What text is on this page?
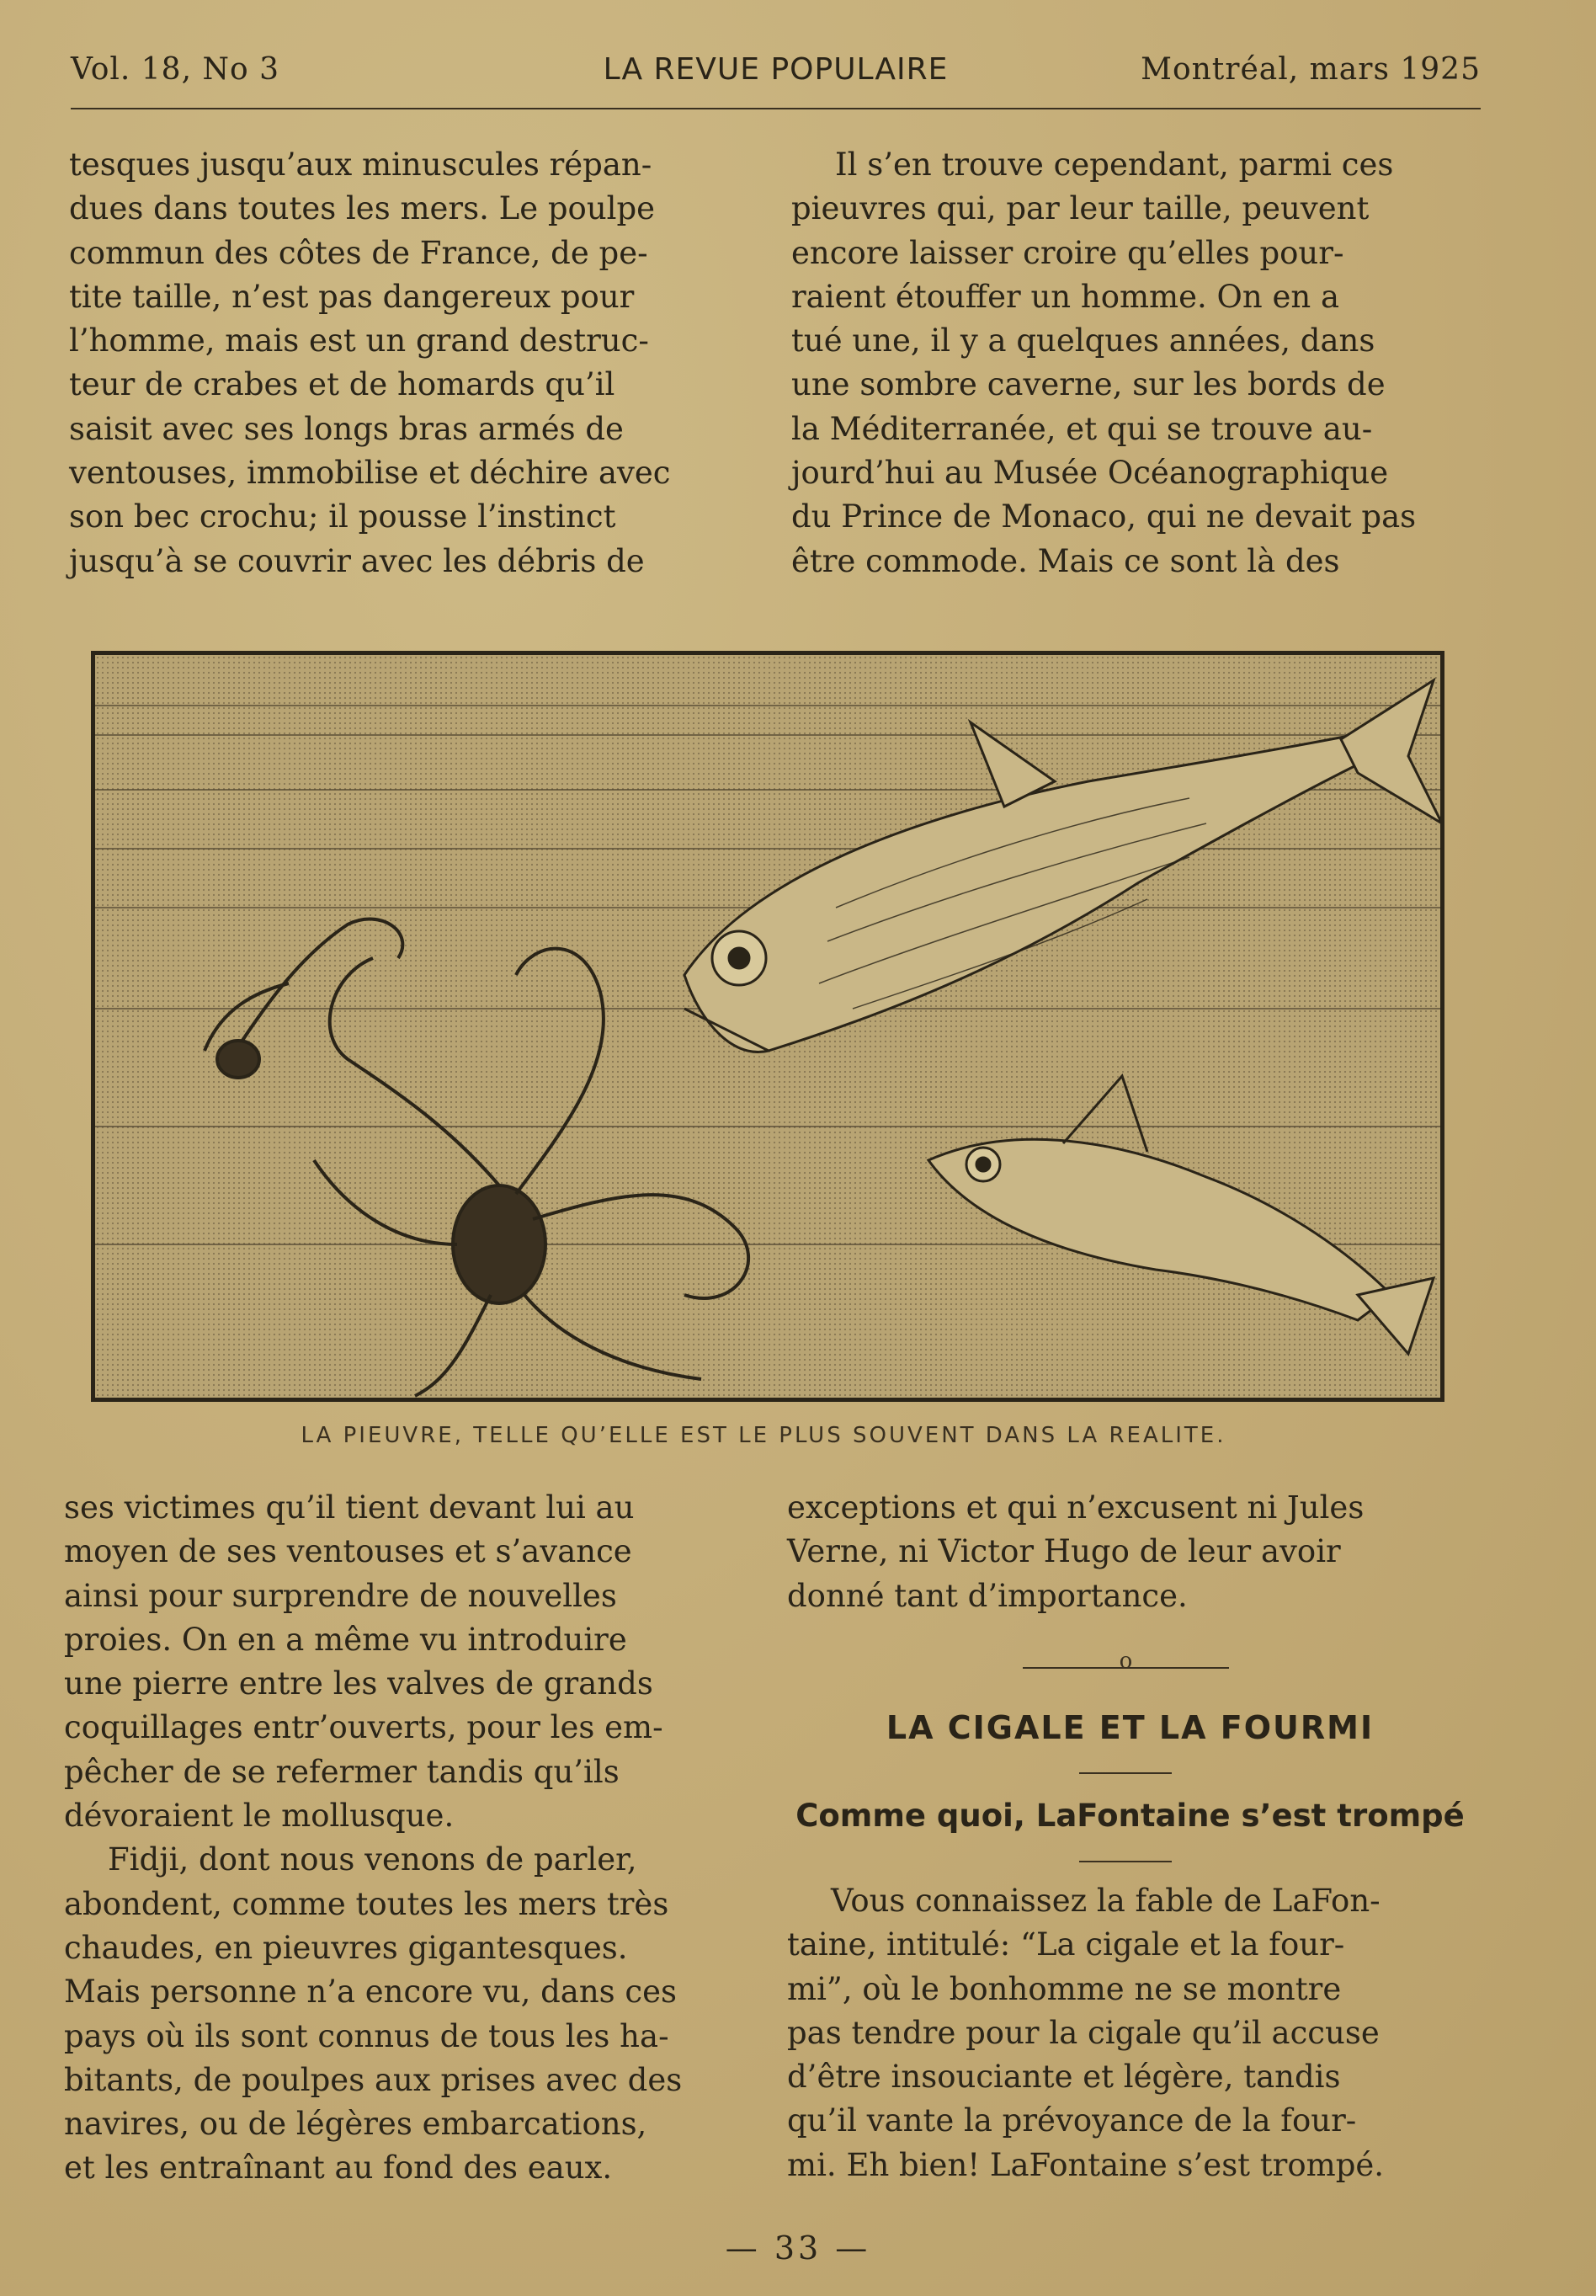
Vol. 18, No 3	LA REVUE POPULAIRE	Montréal, mars 1925

tesques jusqu’aux minuscules répan-

dues dans toutes les mers. Le poulpe

commun des côtes de France, de pe-

tite taille, n’est pas dangereux pour

l’homme, mais est un grand destruc-

teur de crabes et de homards qu’il

saisit avec ses longs bras armés de

ventouses, immobilise et déchire avec

son bec crochu; il pousse l’instinct

jusqu’à se couvrir avec les débris de

Il s’en trouve cependant, parmi ces

pieuvres qui, par leur taille, peuvent

encore laisser croire qu’elles pour-

raient étouffer un homme. On en a

tué une, il y a quelques années, dans

une sombre caverne, sur les bords de

la Méditerranée, et qui se trouve au-

jourd’hui au Musée Océanographique

du Prince de Monaco, qui ne devait pas

être commode. Mais ce sont là des

LA PIEUVRE, TELLE QU’ELLE EST LE PLUS SOUVENT DANS LA REALITE.

ses victimes qu’il tient devant lui au

moyen de ses ventouses et s’avance

ainsi pour surprendre de nouvelles

proies. On en a même vu introduire

une pierre entre les valves de grands

coquillages entr’ouverts, pour les em-

pêcher de se refermer tandis qu’ils

dévoraient le mollusque.

Fidji, dont nous venons de parler,

abondent, comme toutes les mers très

chaudes, en pieuvres gigantesques.

Mais personne n’a encore vu, dans ces

pays où ils sont connus de tous les ha-

bitants, de poulpes aux prises avec des

navires, ou de légères embarcations,

et les entraînant au fond des eaux.

exceptions et qui n’excusent ni Jules

Verne, ni Victor Hugo de leur avoir

donné tant d’importance.

o
LA CIGALE ET LA FOURMI
Comme quoi, LaFontaine s’est trompé

Vous connaissez la fable de LaFon-

taine, intitulé: “La cigale et la four-

mi”, où le bonhomme ne se montre

pas tendre pour la cigale qu’il accuse

d’être insouciante et légère, tandis

qu’il vante la prévoyance de la four-

mi. Eh bien! LaFontaine s’est trompé.

— 33 —
